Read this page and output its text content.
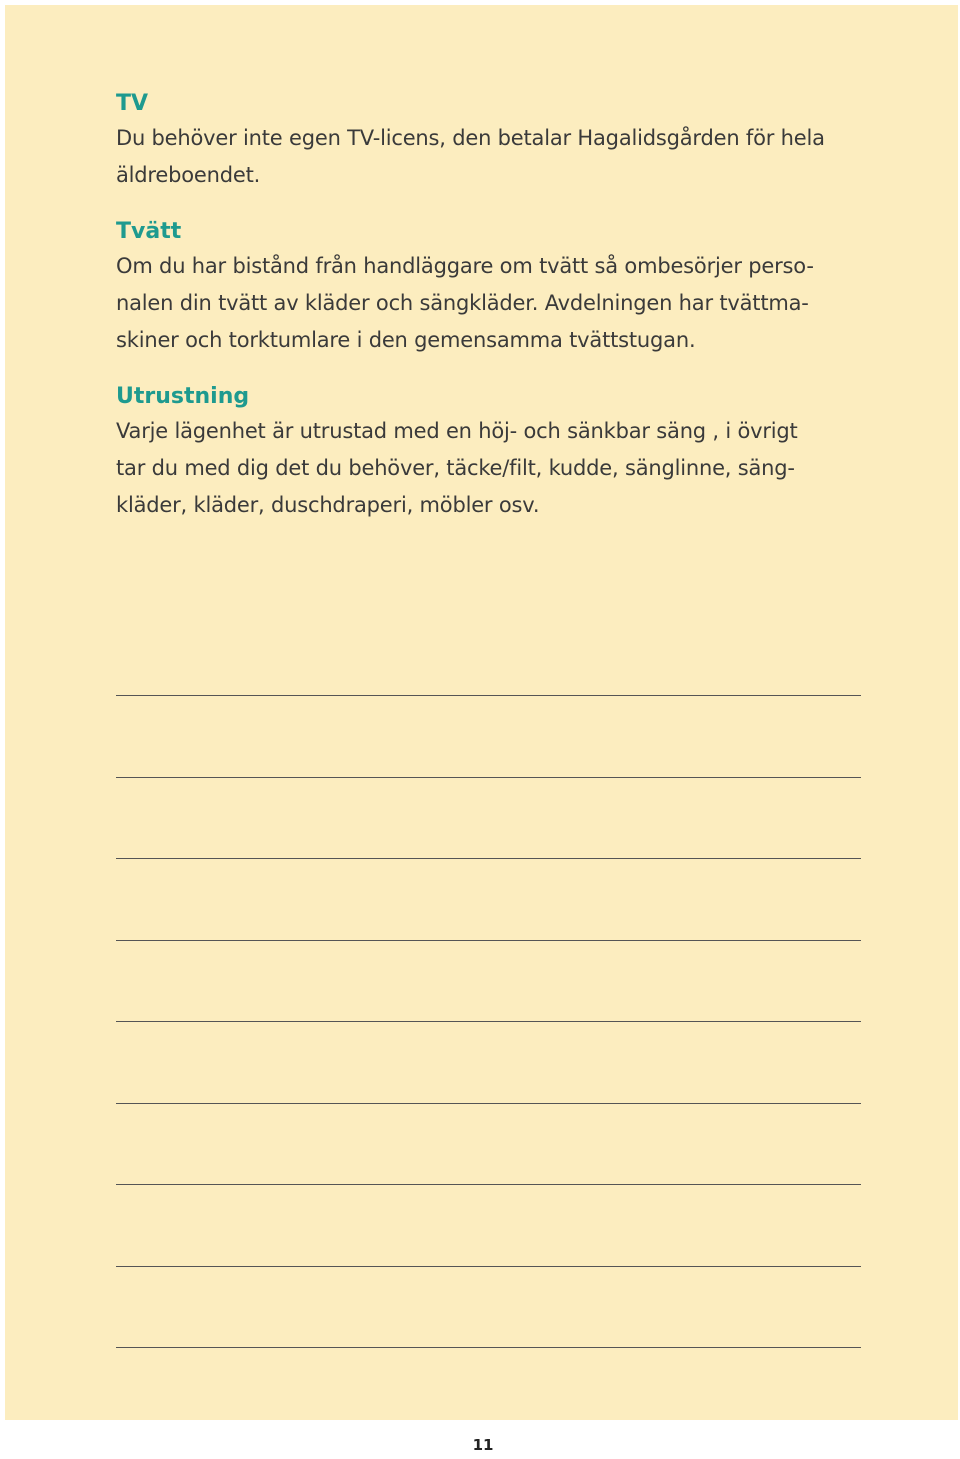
TV

Du behöver inte egen TV-licens, den betalar Hagalidsgården för hela

äldreboendet.

Tvätt

Om du har bistånd från handläggare om tvätt så ombesörjer perso-

nalen din tvätt av kläder och sängkläder. Avdelningen har tvättma-

skiner och torktumlare i den gemensamma tvättstugan.

Utrustning

Varje lägenhet är utrustad med en höj- och sänkbar säng , i övrigt

tar du med dig det du behöver, täcke/filt, kudde, sänglinne, säng-

kläder, kläder, duschdraperi, möbler osv.

11
